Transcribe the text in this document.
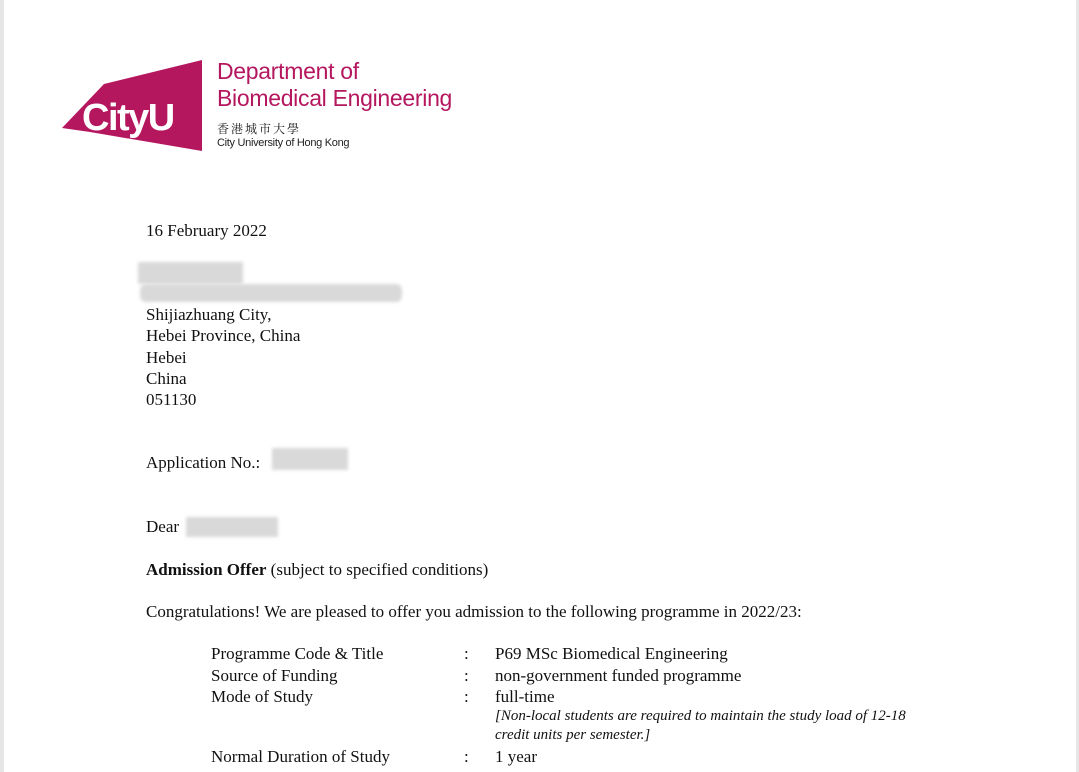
CityU
Department of
Biomedical Engineering
香港城市大學
City University of Hong Kong
16 February 2022
Shijiazhuang City,
Hebei Province, China
Hebei
China
051130
Application No.:
Dear
Admission Offer (subject to specified conditions)
Congratulations! We are pleased to offer you admission to the following programme in 2022/23:
Programme Code & Title	: P69 MSc Biomedical Engineering
Source of Funding	: non-government funded programme
Mode of Study	: full-time
[Non-local students are required to maintain the study load of 12-18
credit units per semester.]
Normal Duration of Study	: 1 year
